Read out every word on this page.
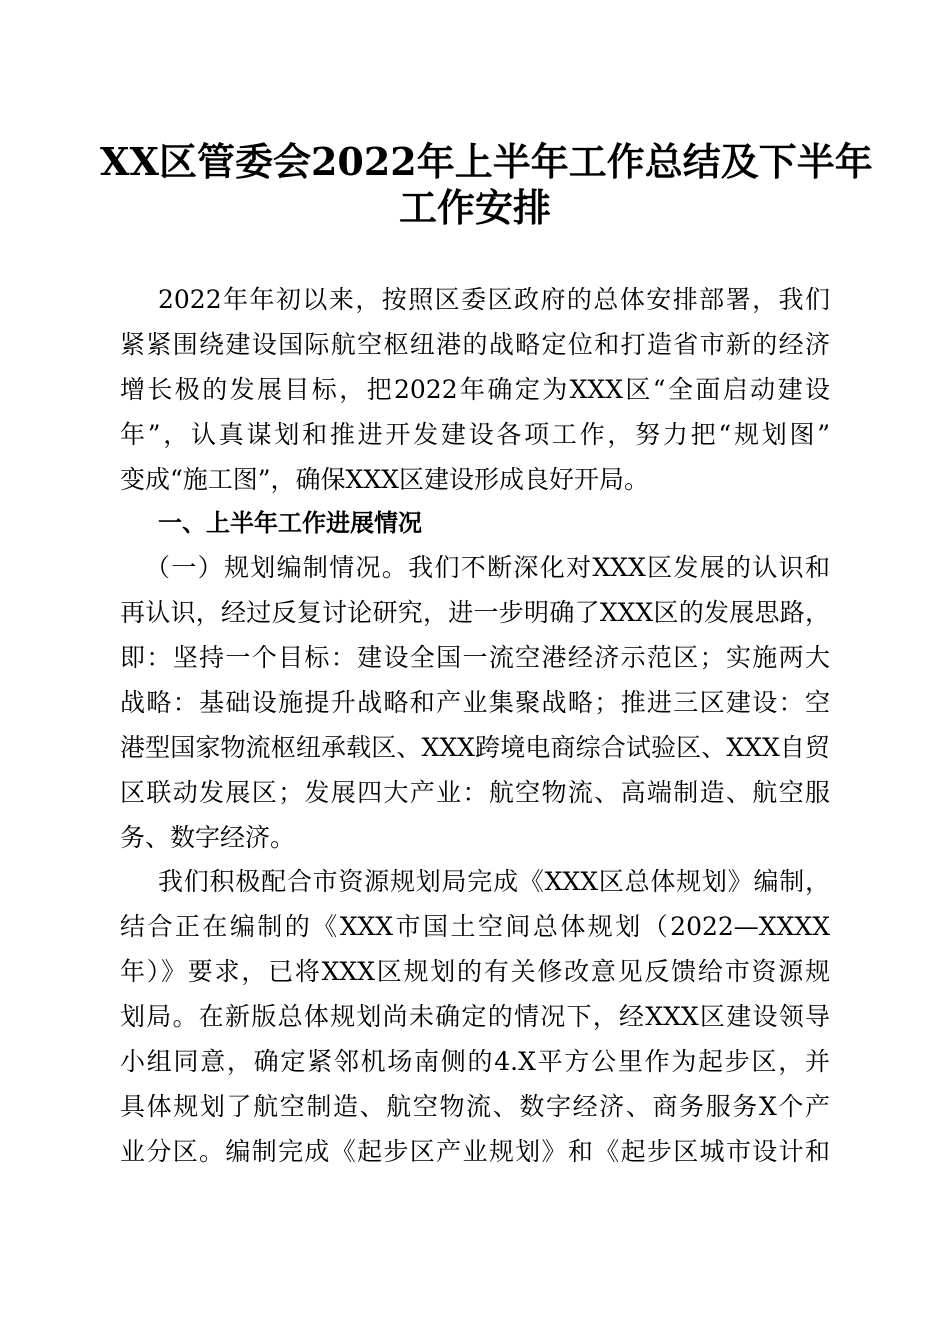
XX区管委会2022年上半年工作总结及下半年
工作安排
2022年年初以来，按照区委区政府的总体安排部署，我们
紧紧围绕建设国际航空枢纽港的战略定位和打造省市新的经济
增长极的发展目标，把2022年确定为XXX区“全面启动建设
年”，认真谋划和推进开发建设各项工作，努力把“规划图”
变成“施工图”，确保XXX区建设形成良好开局。
一、上半年工作进展情况
（一）规划编制情况。我们不断深化对XXX区发展的认识和
再认识，经过反复讨论研究，进一步明确了XXX区的发展思路，
即：坚持一个目标：建设全国一流空港经济示范区；实施两大
战略：基础设施提升战略和产业集聚战略；推进三区建设：空
港型国家物流枢纽承载区、XXX跨境电商综合试验区、XXX自贸
区联动发展区；发展四大产业：航空物流、高端制造、航空服
务、数字经济。
我们积极配合市资源规划局完成《XXX区总体规划》编制，
结合正在编制的《XXX市国土空间总体规划（2022—XXXX
年）》要求，已将XXX区规划的有关修改意见反馈给市资源规
划局。在新版总体规划尚未确定的情况下，经XXX区建设领导
小组同意，确定紧邻机场南侧的4.X平方公里作为起步区，并
具体规划了航空制造、航空物流、数字经济、商务服务X个产
业分区。编制完成《起步区产业规划》和《起步区城市设计和
